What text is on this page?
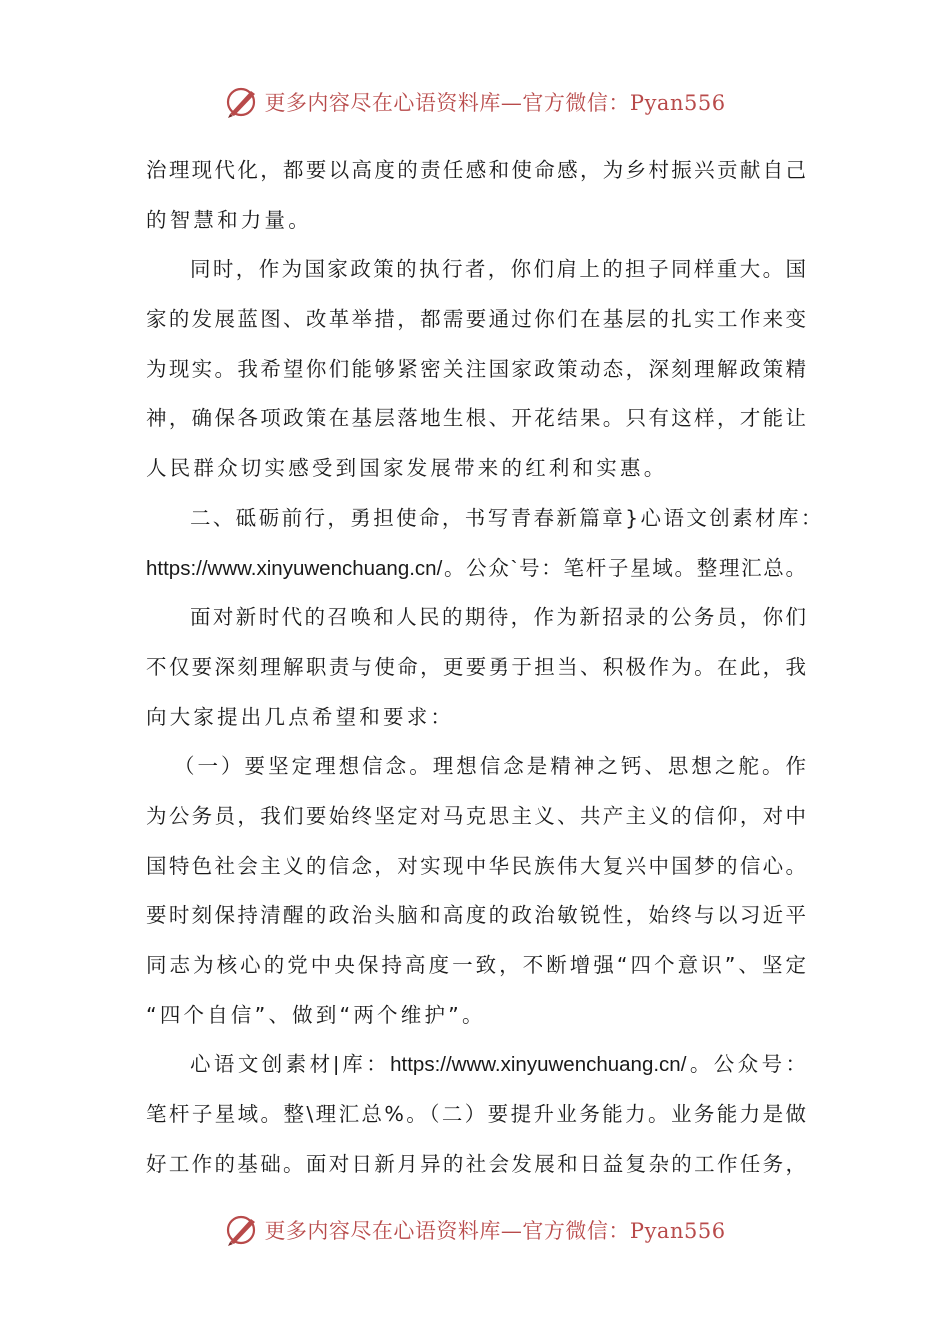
更多内容尽在心语资料库—官方微信：Pyan556
治理现代化，都要以高度的责任感和使命感，为乡村振兴贡献自己
的智慧和力量。
同时，作为国家政策的执行者，你们肩上的担子同样重大。国
家的发展蓝图、改革举措，都需要通过你们在基层的扎实工作来变
为现实。我希望你们能够紧密关注国家政策动态，深刻理解政策精
神，确保各项政策在基层落地生根、开花结果。只有这样，才能让
人民群众切实感受到国家发展带来的红利和实惠。
二、砥砺前行，勇担使命，书写青春新篇章}心语文创素材库：
https://www.xinyuwenchuang.cn/。公众`号：笔杆子星域。整理汇总。
面对新时代的召唤和人民的期待，作为新招录的公务员，你们
不仅要深刻理解职责与使命，更要勇于担当、积极作为。在此，我
向大家提出几点希望和要求：
（一）要坚定理想信念。理想信念是精神之钙、思想之舵。作
为公务员，我们要始终坚定对马克思主义、共产主义的信仰，对中
国特色社会主义的信念，对实现中华民族伟大复兴中国梦的信心。
要时刻保持清醒的政治头脑和高度的政治敏锐性，始终与以习近平
同志为核心的党中央保持高度一致，不断增强“四个意识”、坚定
“四个自信”、做到“两个维护”。
心语文创素材|库：https://www.xinyuwenchuang.cn/。公众号：
笔杆子星域。整\理汇总%。（二）要提升业务能力。业务能力是做
好工作的基础。面对日新月异的社会发展和日益复杂的工作任务，
更多内容尽在心语资料库—官方微信：Pyan556
